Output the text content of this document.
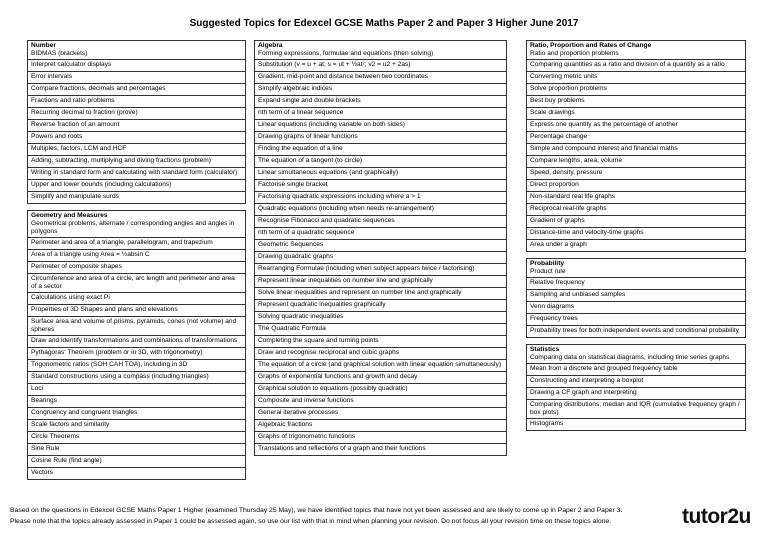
Suggested Topics for Edexcel GCSE Maths Paper 2 and Paper 3 Higher June 2017
Number
BIDMAS (brackets)

Interpret calculator displays
Error intervals
Compare fractions, decimals and percentages
Fractions and ratio problems
Recurring decimal to fraction (prove)
Reverse fraction of an amount
Powers and roots
Multiples, factors, LCM and HCF
Adding, subtracting, multiplying and diving fractions (problem)
Writing in standard form and calculating with standard form (calculator)
Upper and lower bounds (including calculations)
Simplify and manipulate surds

Geometry and Measures
Geometrical problems, alternate / corresponding angles and angles in polygons

Perimeter and area of a triangle, parallelogram, and trapezium
Area of a triangle using Area = ½absin C
Perimeter of composite shapes
Circumference and area of a circle, arc length and perimeter and area of a sector
Calculations using exact Pi
Properties of 3D Shapes and plans and elevations
Surface area and volume of prisms, pyramids, cones (not volume) and spheres
Draw and identify transformations and combinations of transformations
Pythagoras' Theorem (problem or in 3D, with trigonometry)
Trigonometric ratios (SOH CAH TOA), including in 3D
Standard constructions using a compass (including triangles)
Loci
Bearings
Congruency and congruent triangles
Scale factors and similarity
Circle Theorems
Sine Rule
Cosine Rule (find angle)
Vectors
Algebra
Forming expressions, formulae and equations (then solving)

Substitution (v = u + at; s = ut + ½at²; v2 = u2 + 2as)
Gradient, mid-point and distance between two coordinates
Simplify algebraic indices
Expand single and double brackets
nth term of a linear sequence
Linear equations (including variable on both sides)
Drawing graphs of linear functions
Finding the equation of a line
The equation of a tangent (to circle)
Linear simultaneous equations (and graphically)
Factorise single bracket
Factorising quadratic expressions including where a > 1
Quadratic equations (including when needs re-arrangement)
Recognise Fibonacci and quadratic sequences
nth term of a quadratic sequence
Geometric Sequences
Drawing quadratic graphs
Rearranging Formulae (including when subject appears twice / factorising)
Represent linear inequalities on number line and graphically
Solve linear inequalities and represent on number line and graphically
Represent quadratic inequalities graphically
Solving quadratic inequalities
The Quadratic Formula
Completing the square and turning points
Draw and recognise reciprocal and cubic graphs
The equation of a circle (and graphical solution with linear equation simultaneously)
Graphs of exponential functions and growth and decay
Graphical solution to equations (possibly quadratic)
Composite and inverse functions
General iterative processes
Algebraic fractions
Graphs of trigonometric functions
Translations and reflections of a graph and their functions
Ratio, Proportion and Rates of Change
Ratio and proportion problems

Comparing quantities as a ratio and division of a quantity as a ratio
Converting metric units
Solve proportion problems
Best buy problems
Scale drawings
Express one quantity as the percentage of another
Percentage change
Simple and compound interest and financial maths
Compare lengths, area, volume
Speed, density, pressure
Direct proportion
Non-standard real life graphs
Reciprocal real-life graphs
Gradient of graphs
Distance-time and velocity-time graphs
Area under a graph

Probability
Product rule

Relative frequency
Sampling and unbiased samples
Venn diagrams
Frequency trees
Probability trees for both independent events and conditional probability

Statistics
Comparing data on statistical diagrams, including time series graphs

Mean from a discrete and grouped frequency table
Constructing and interpreting a boxplot
Drawing a CF graph and interpreting
Comparing distributions; median and IQR (cumulative frequency graph / box plots)
Histograms
Based on the questions in Edexcel GCSE Maths Paper 1 Higher (examined Thursday 25 May), we have identified topics that have not yet been assessed and are likely to come up in Paper 2 and Paper 3.
Please note that the topics already assessed in Paper 1 could be assessed again, so use our list with that in mind when planning your revision. Do not focus all your revision time on these topics alone.	tutor2u
